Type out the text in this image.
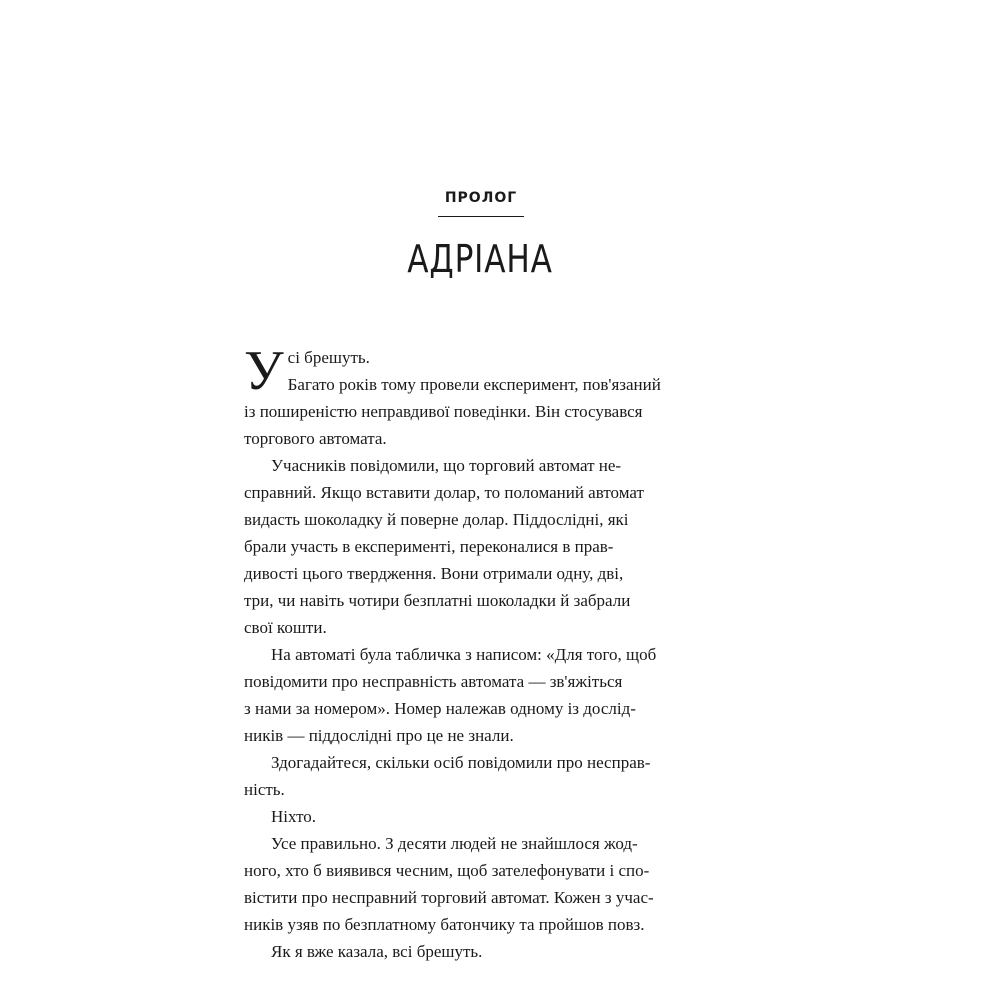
ПРОЛОГ
АДРІАНА

У сі брешуть.

Багато років тому провели експеримент, пов'язаний
із поширеністю неправдивої поведінки. Він стосувався
торгового автомата.

Учасників повідомили, що торговий автомат не-
справний. Якщо вставити долар, то поломаний автомат
видасть шоколадку й поверне долар. Піддослідні, які
брали участь в експерименті, переконалися в прав-
дивості цього твердження. Вони отримали одну, дві,
три, чи навіть чотири безплатні шоколадки й забрали
свої кошти.

На автоматі була табличка з написом: «Для того, щоб
повідомити про несправність автомата — зв'яжіться
з нами за номером». Номер належав одному із дослід-
ників — піддослідні про це не знали.

Здогадайтеся, скільки осіб повідомили про несправ-
ність.

Ніхто.

Усе правильно. З десяти людей не знайшлося жод-
ного, хто б виявився чесним, щоб зателефонувати і спо-
вістити про несправний торговий автомат. Кожен з учас-
ників узяв по безплатному батончику та пройшов повз.

Як я вже казала, всі брешуть.
